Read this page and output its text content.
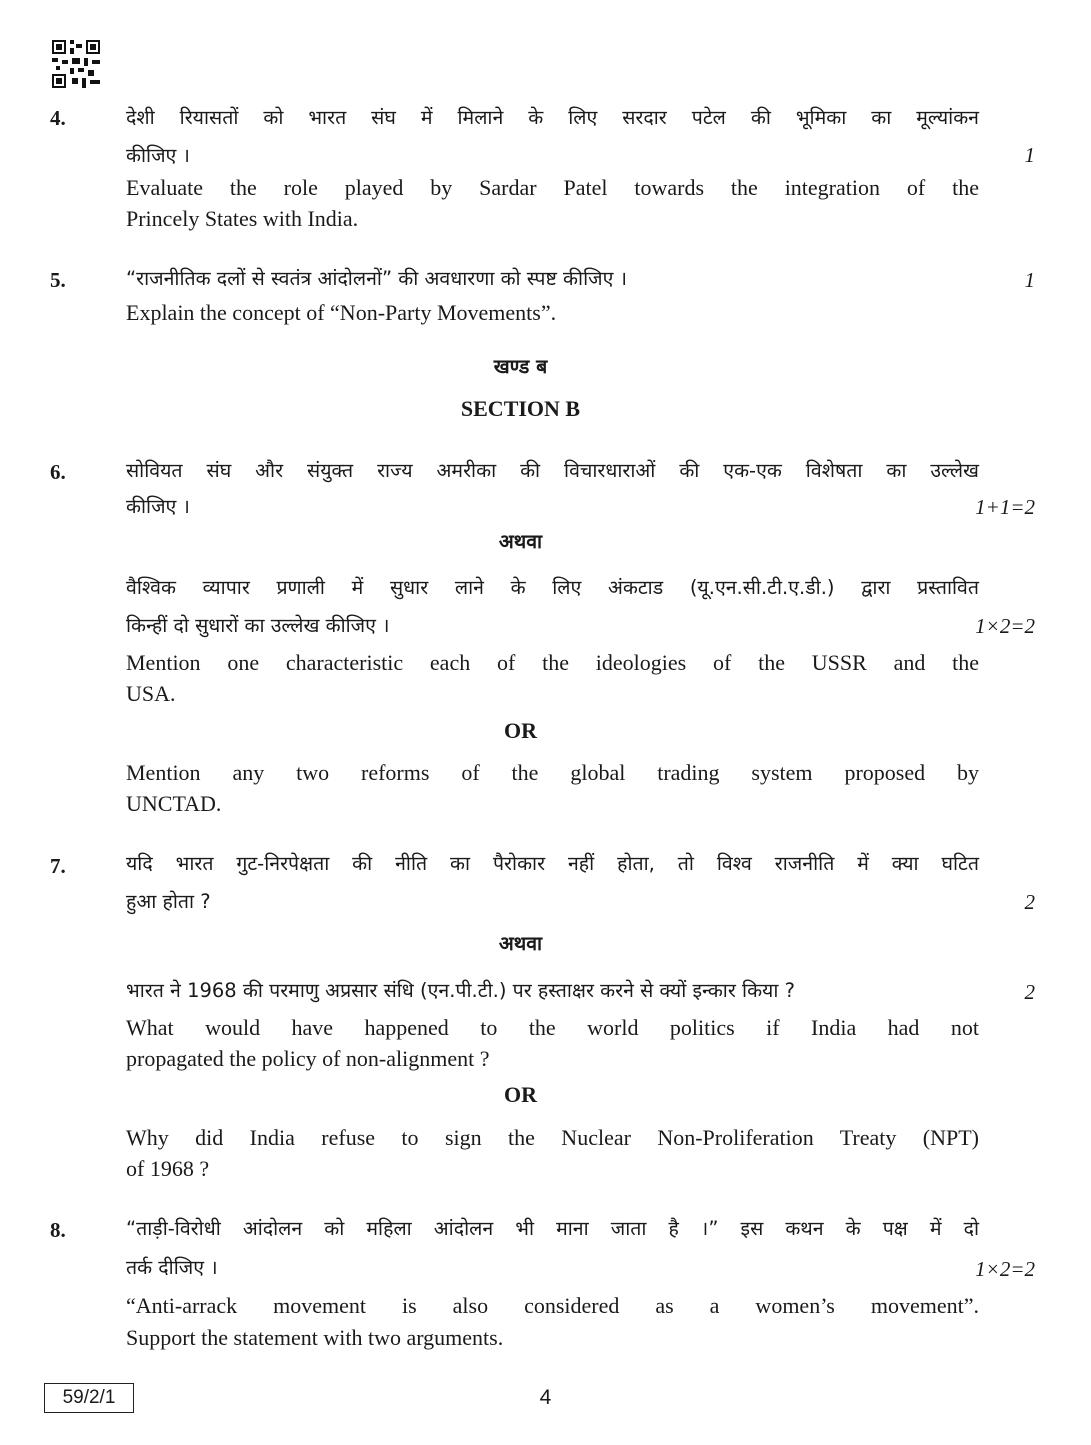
4.	देशी रियासतों को भारत संघ में मिलाने के लिए सरदार पटेल की भूमिका का मूल्यांकन
कीजिए ।	1
Evaluate the role played by Sardar Patel towards the integration of the
Princely States with India.
5.	“राजनीतिक दलों से स्वतंत्र आंदोलनों” की अवधारणा को स्पष्ट कीजिए ।	1
Explain the concept of “Non-Party Movements”.
खण्ड ब
SECTION B
6.	सोवियत संघ और संयुक्त राज्य अमरीका की विचारधाराओं की एक-एक विशेषता का उल्लेख
कीजिए ।	1+1=2
अथवा
वैश्विक व्यापार प्रणाली में सुधार लाने के लिए अंकटाड (यू.एन.सी.टी.ए.डी.) द्वारा प्रस्तावित
किन्हीं दो सुधारों का उल्लेख कीजिए ।	1×2=2
Mention one characteristic each of the ideologies of the USSR and the
USA.
OR
Mention any two reforms of the global trading system proposed by
UNCTAD.
7.	यदि भारत गुट-निरपेक्षता की नीति का पैरोकार नहीं होता, तो विश्व राजनीति में क्या घटित
हुआ होता ?	2
अथवा
भारत ने 1968 की परमाणु अप्रसार संधि (एन.पी.टी.) पर हस्ताक्षर करने से क्यों इन्कार किया ?	2
What would have happened to the world politics if India had not
propagated the policy of non-alignment ?
OR
Why did India refuse to sign the Nuclear Non-Proliferation Treaty (NPT)
of 1968 ?
8.	“ताड़ी-विरोधी आंदोलन को महिला आंदोलन भी माना जाता है ।” इस कथन के पक्ष में दो
तर्क दीजिए ।	1×2=2
“Anti-arrack movement is also considered as a women’s movement”.
Support the statement with two arguments.
59/2/1	4
